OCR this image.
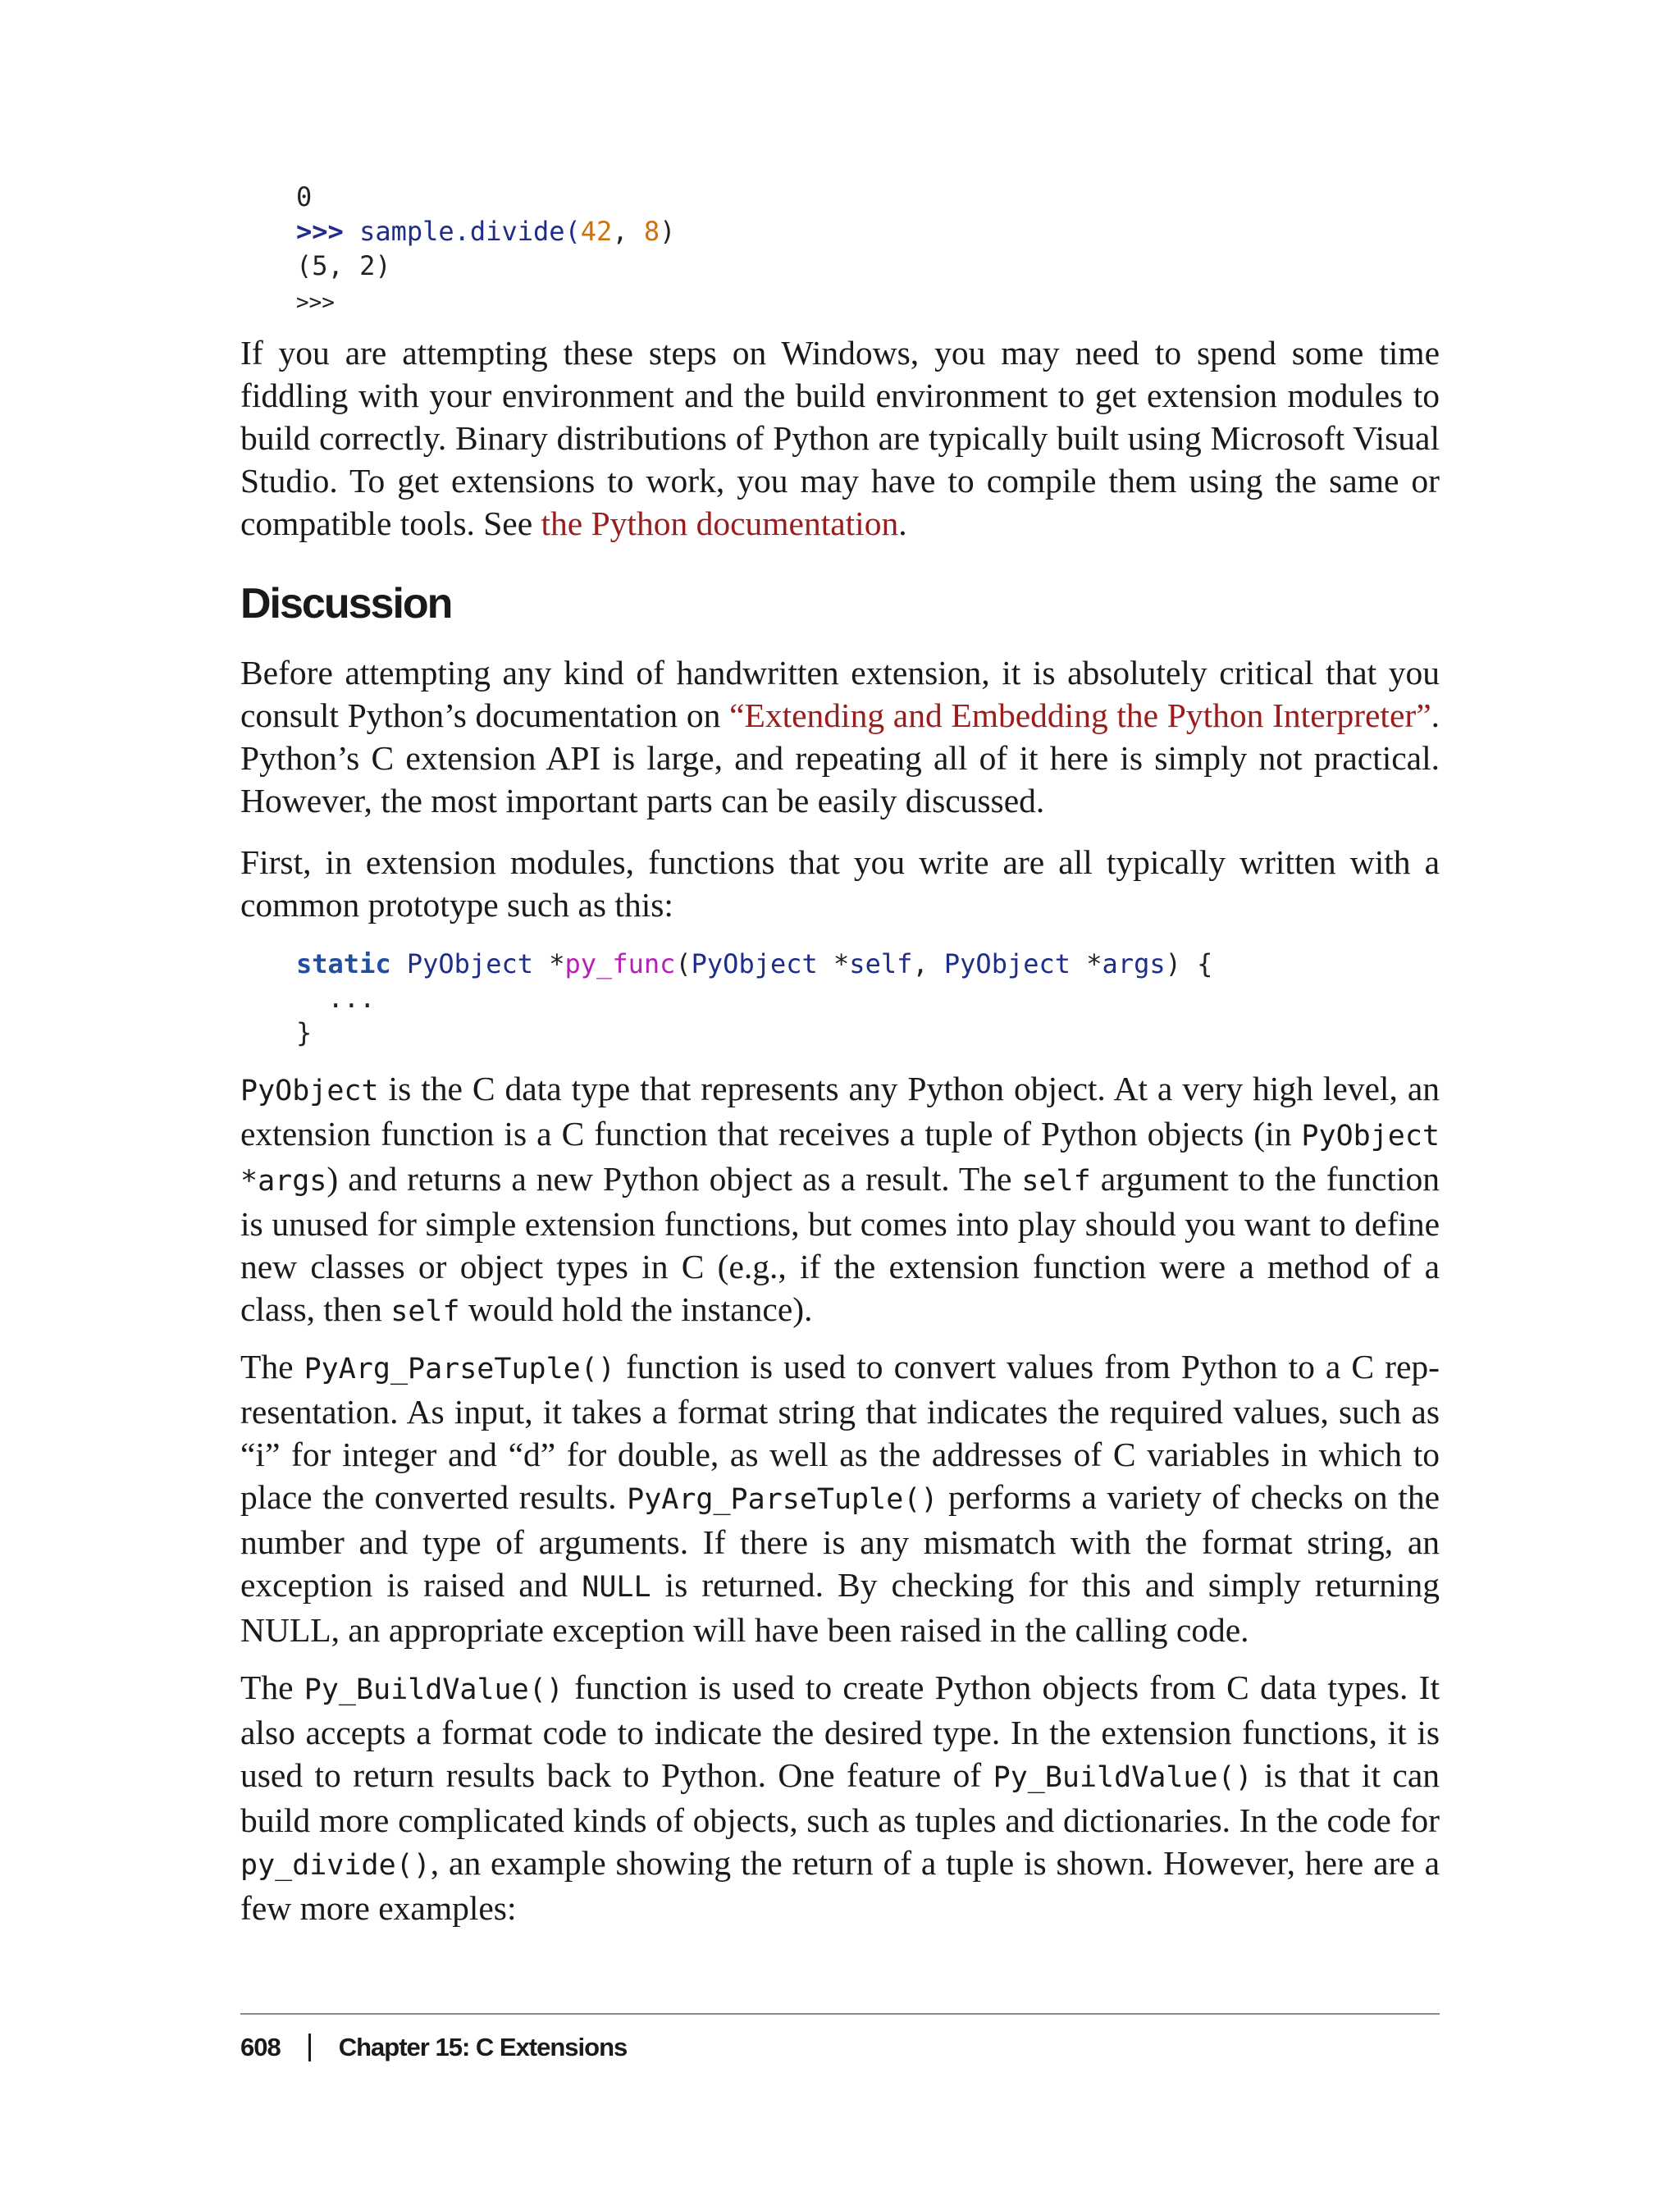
0
>>> sample.divide(42, 8)
(5, 2)
>>>

If you are attempting these steps on Windows, you may need to spend some time fiddling with your environment and the build environment to get extension modules to build correctly. Binary distributions of Python are typically built using Microsoft Visual Studio. To get extensions to work, you may have to compile them using the same or compatible tools. See the Python documentation.

Discussion

Before attempting any kind of handwritten extension, it is absolutely critical that you consult Python’s documentation on “Extending and Embedding the Python Interpreter”. Python’s C extension API is large, and repeating all of it here is simply not practical. However, the most important parts can be easily discussed.

First, in extension modules, functions that you write are all typically written with a common prototype such as this:

static PyObject *py_func(PyObject *self, PyObject *args) {
...
}

PyObject is the C data type that represents any Python object. At a very high level, an extension function is a C function that receives a tuple of Python objects (in PyObject *args) and returns a new Python object as a result. The self argument to the function is unused for simple extension functions, but comes into play should you want to define new classes or object types in C (e.g., if the extension function were a method of a class, then self would hold the instance).

The PyArg_ParseTuple() function is used to convert values from Python to a C representation. As input, it takes a format string that indicates the required values, such as “i” for integer and “d” for double, as well as the addresses of C variables in which to place the converted results. PyArg_ParseTuple() performs a variety of checks on the number and type of arguments. If there is any mismatch with the format string, an exception is raised and NULL is returned. By checking for this and simply returning NULL, an appropriate exception will have been raised in the calling code.

The Py_BuildValue() function is used to create Python objects from C data types. It also accepts a format code to indicate the desired type. In the extension functions, it is used to return results back to Python. One feature of Py_BuildValue() is that it can build more complicated kinds of objects, such as tuples and dictionaries. In the code for py_divide(), an example showing the return of a tuple is shown. However, here are a few more examples:

608 Chapter 15: C Extensions
